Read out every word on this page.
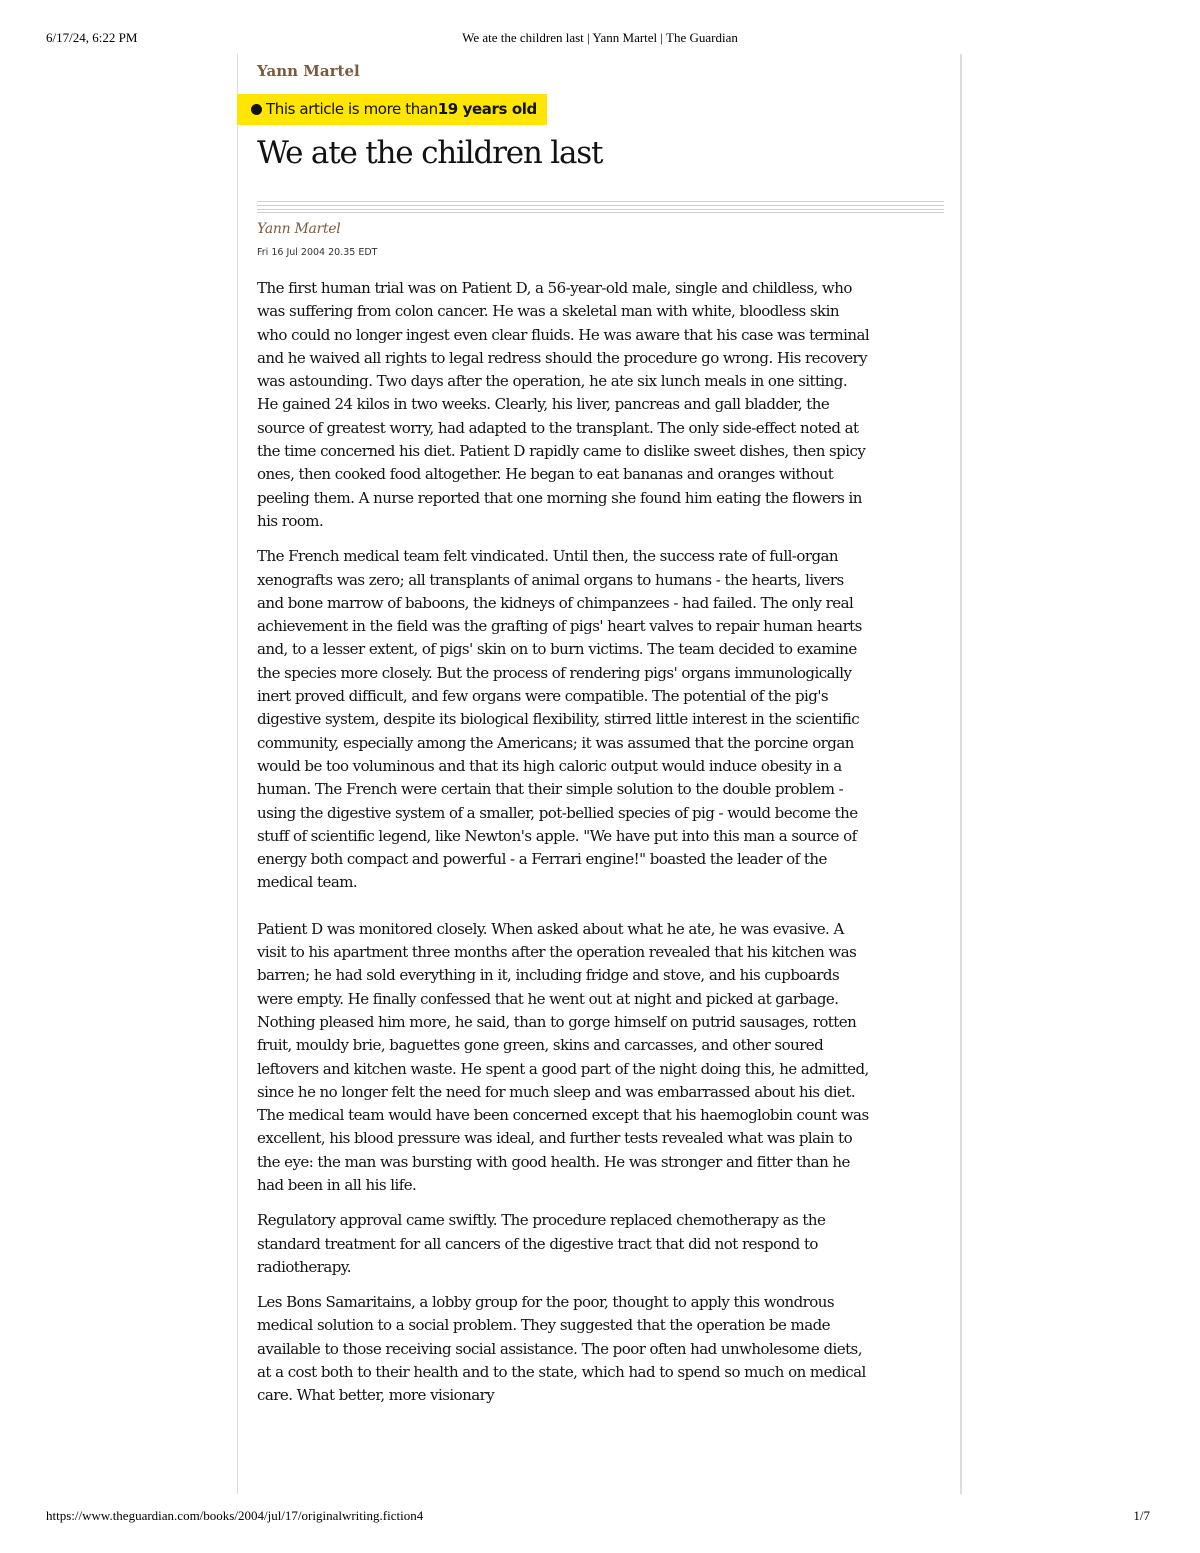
6/17/24, 6:22 PM	We ate the children last | Yann Martel | The Guardian
Yann Martel
This article is more than 19 years old
We ate the children last
Yann Martel
Fri 16 Jul 2004 20.35 EDT

The first human trial was on Patient D, a 56-year-old male, single and childless, who was suffering from colon cancer. He was a skeletal man with white, bloodless skin who could no longer ingest even clear fluids. He was aware that his case was terminal and he waived all rights to legal redress should the procedure go wrong. His recovery was astounding. Two days after the operation, he ate six lunch meals in one sitting. He gained 24 kilos in two weeks. Clearly, his liver, pancreas and gall bladder, the source of greatest worry, had adapted to the transplant. The only side-effect noted at the time concerned his diet. Patient D rapidly came to dislike sweet dishes, then spicy ones, then cooked food altogether. He began to eat bananas and oranges without peeling them. A nurse reported that one morning she found him eating the flowers in his room.

The French medical team felt vindicated. Until then, the success rate of full-organ xenografts was zero; all transplants of animal organs to humans - the hearts, livers and bone marrow of baboons, the kidneys of chimpanzees - had failed. The only real achievement in the field was the grafting of pigs' heart valves to repair human hearts and, to a lesser extent, of pigs' skin on to burn victims. The team decided to examine the species more closely. But the process of rendering pigs' organs immunologically inert proved difficult, and few organs were compatible. The potential of the pig's digestive system, despite its biological flexibility, stirred little interest in the scientific community, especially among the Americans; it was assumed that the porcine organ would be too voluminous and that its high caloric output would induce obesity in a human. The French were certain that their simple solution to the double problem - using the digestive system of a smaller, pot-bellied species of pig - would become the stuff of scientific legend, like Newton's apple. "We have put into this man a source of energy both compact and powerful - a Ferrari engine!" boasted the leader of the medical team.

Patient D was monitored closely. When asked about what he ate, he was evasive. A visit to his apartment three months after the operation revealed that his kitchen was barren; he had sold everything in it, including fridge and stove, and his cupboards were empty. He finally confessed that he went out at night and picked at garbage. Nothing pleased him more, he said, than to gorge himself on putrid sausages, rotten fruit, mouldy brie, baguettes gone green, skins and carcasses, and other soured leftovers and kitchen waste. He spent a good part of the night doing this, he admitted, since he no longer felt the need for much sleep and was embarrassed about his diet. The medical team would have been concerned except that his haemoglobin count was excellent, his blood pressure was ideal, and further tests revealed what was plain to the eye: the man was bursting with good health. He was stronger and fitter than he had been in all his life.

Regulatory approval came swiftly. The procedure replaced chemotherapy as the standard treatment for all cancers of the digestive tract that did not respond to radiotherapy.

Les Bons Samaritains, a lobby group for the poor, thought to apply this wondrous medical solution to a social problem. They suggested that the operation be made available to those receiving social assistance. The poor often had unwholesome diets, at a cost both to their health and to the state, which had to spend so much on medical care. What better, more visionary

https://www.theguardian.com/books/2004/jul/17/originalwriting.fiction4	1/7
